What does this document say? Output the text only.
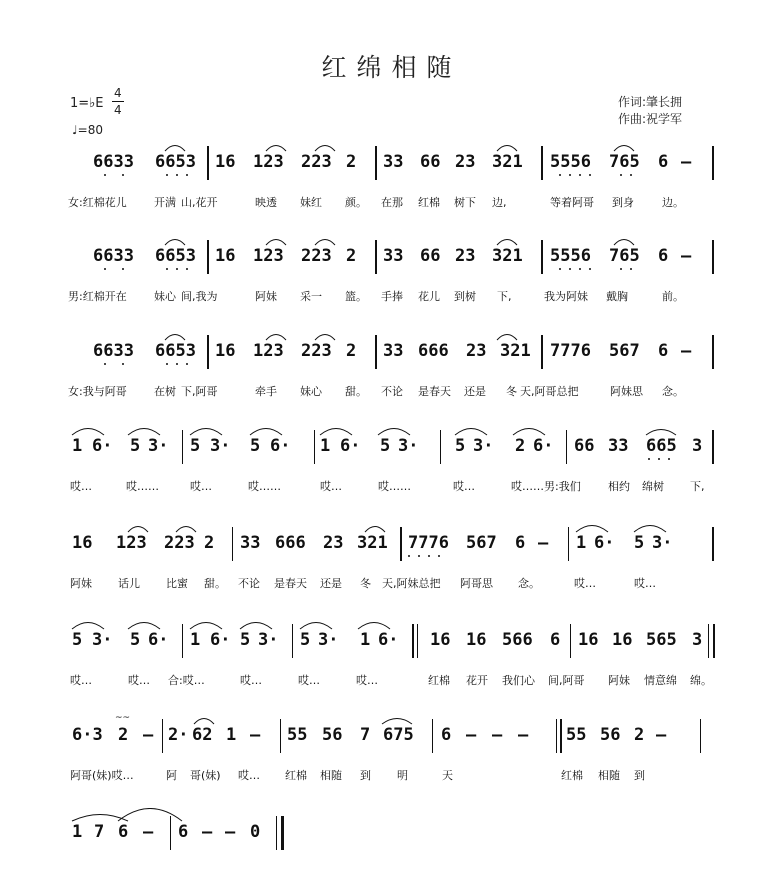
红绵相随
1=♭E
4
4
♩=80
作词:肇长拥
作曲:祝学军
6633 6653 16 123 223 2 33 66 23 321 5556 765 6 —
女:红棉花儿 开满 山,花开	映透 妹红 颜。 在那 红棉 树下 边,	等着阿哥 到身	边。
6633 6653 16 123 223 2 33 66 23 321 5556 765 6 —
男:红棉开在 妹心 间,我为	阿妹 采一 篮。 手捧 花儿 到树 下,	我为阿妹 戴胸	前。
6633 6653 16 123 223 2 33 666 23 321 7776 567 6 —
女:我与阿哥 在树 下,阿哥	牵手 妹心 甜。 不论 是春天 还是 冬 天,阿哥总把	阿妹思 念。
1 6· 5 3· 5 3· 5 6· 1 6· 5 3· 5 3· 2 6· 66 33 665 3
哎…	哎……	哎…	哎……	哎…	哎……	哎…	哎……男:我们 相约 绵树 下,
16 123 223 2 33 666 23 321 7776 567 6 — 1 6· 5 3·
阿妹 话儿 比蜜 甜。 不论 是春天 还是 冬 天,阿妹总把 阿哥思 念。	哎…	哎…
5 3· 5 6· 1 6· 5 3· 5 3· 1 6· 16 16 566 6 16 16 565 3
哎…	哎… 合:哎…	哎…	哎…	哎…	红棉 花开 我们心 间,阿哥 阿妹 情意绵 绵。
~~
6·3 2 — 2· 62 1 — 55 56 7 675 6 — — — 55 56 2 —
阿哥(妹)哎…	阿 哥(妹) 哎… 红棉 相随 到 明	天	红棉 相随 到
1 7 6 — 6 — — 0
